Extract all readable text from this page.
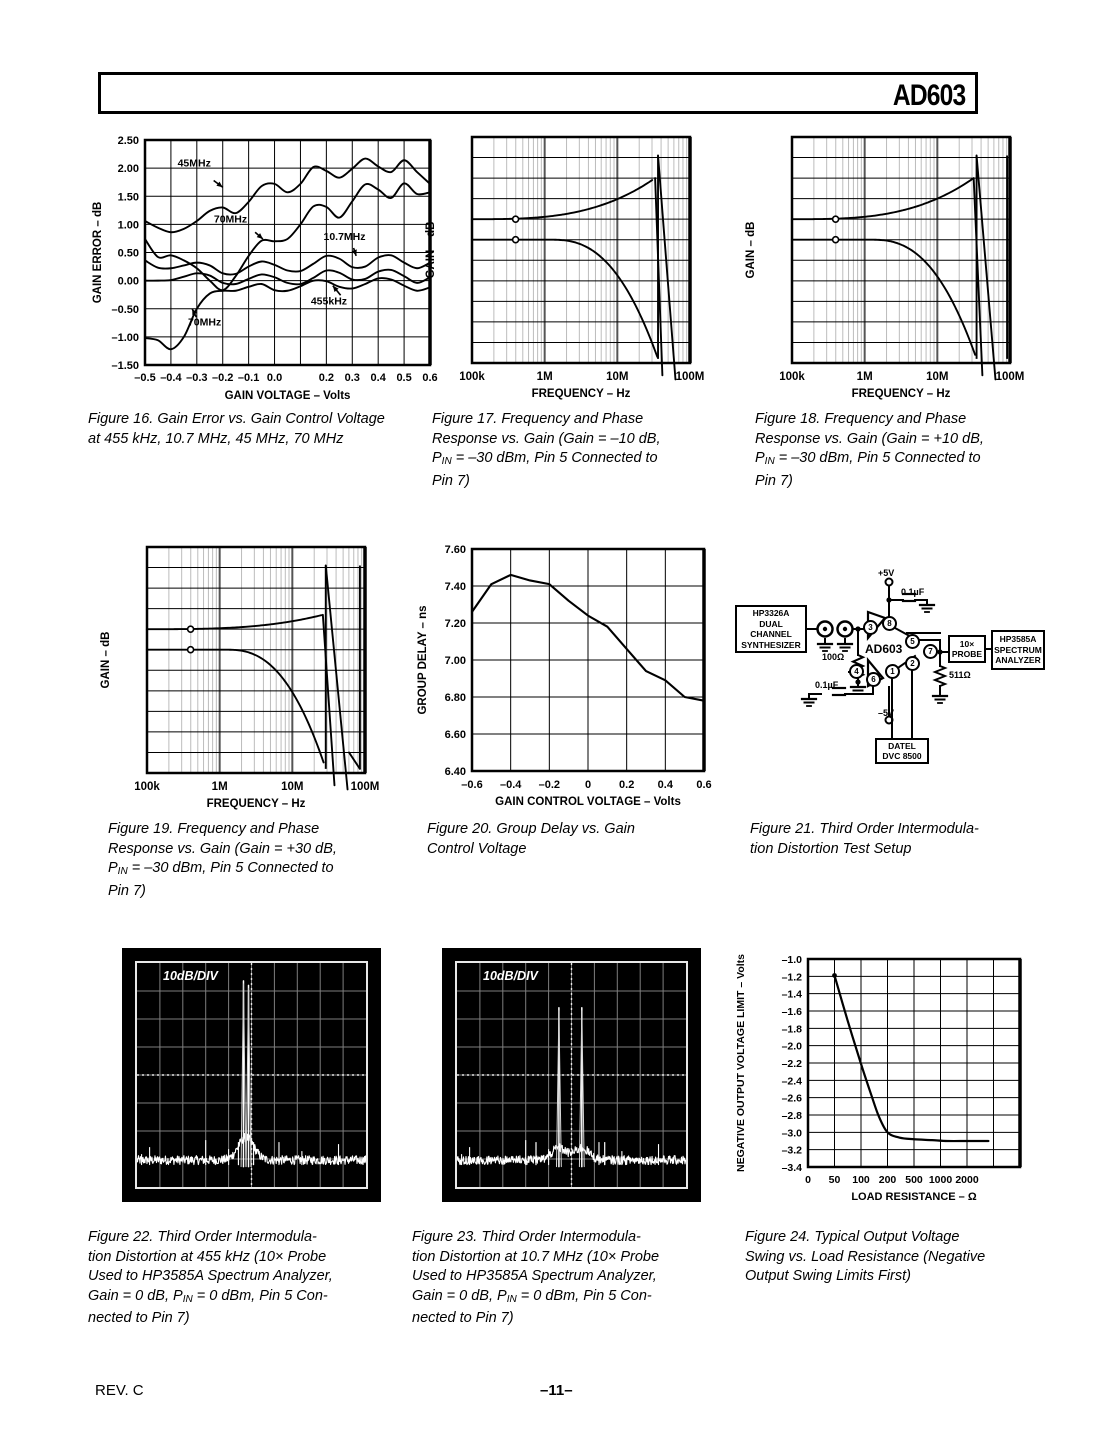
AD603
2.50
2.00
1.50
1.00
0.50
0.00
–0.50
–1.00
–1.50
–0.5 –0.4 –0.3 –0.2 –0.1 0.0	0.2 0.3 0.4 0.5 0.6
GAIN VOLTAGE – Volts
GAIN ERROR – dB
45MHz
70MHz
10.7MHz
455kHz
70MHz
Figure 16. Gain Error vs. Gain Control Voltage at 455 kHz, 10.7 MHz, 45 MHz, 70 MHz
100k	1M	10M	100M
FREQUENCY – Hz
GAIN – dB
Figure 17. Frequency and Phase
Response vs. Gain (Gain = –10 dB,
$P_{IN} = -30$ dBm, Pin 5 Connected to
Pin 7)
100k	1M	10M	100M
FREQUENCY – Hz
GAIN – dB
Figure 18. Frequency and Phase
Response vs. Gain (Gain = +10 dB,
$P_{IN} = -30$ dBm, Pin 5 Connected to
Pin 7)
100k	1M	10M	100M
FREQUENCY – Hz
GAIN – dB
Figure 19. Frequency and Phase
Response vs. Gain (Gain = +30 dB,
$P_{IN} = -30$ dBm, Pin 5 Connected to
Pin 7)
7.60
7.40
7.20
7.00
6.80
6.60
6.40
–0.6 –0.4 –0.2 0	0.2 0.4 0.6
GAIN CONTROL VOLTAGE – Volts
GROUP DELAY – ns
Figure 20. Group Delay vs. Gain
Control Voltage
HP3326A
DUAL
CHANNEL
SYNTHESIZER	10×
PROBE
HP3585A
SPECTRUM
ANALYZER
DATEL
DVC 8500
AD603
+5V
–5V
0.1µF
0.1µF
100Ω
511Ω
3	8
5
7
2
1
6
4
Figure 21. Third Order Intermodula-
tion Distortion Test Setup
10dB/DIV
Figure 22. Third Order Intermodula-
tion Distortion at 455 kHz (10× Probe
Used to HP3585A Spectrum Analyzer,
Gain = 0 dB, $P_{IN} = 0$ dBm, Pin 5 Con-
nected to Pin 7)
10dB/DIV
Figure 23. Third Order Intermodula-
tion Distortion at 10.7 MHz (10× Probe
Used to HP3585A Spectrum Analyzer,
Gain = 0 dB, $P_{IN} = 0$ dBm, Pin 5 Con-
nected to Pin 7)
–1.0
–1.2
–1.4
–1.6
–1.8
–2.0
–2.2
–2.4
–2.6
–2.8
–3.0
–3.2
–3.4
0 50 100 200 500 1000 2000
LOAD RESISTANCE – Ω
NEGATIVE OUTPUT VOLTAGE LIMIT – Volts
Figure 24. Typical Output Voltage
Swing vs. Load Resistance (Negative
Output Swing Limits First)
REV. C	–11–
